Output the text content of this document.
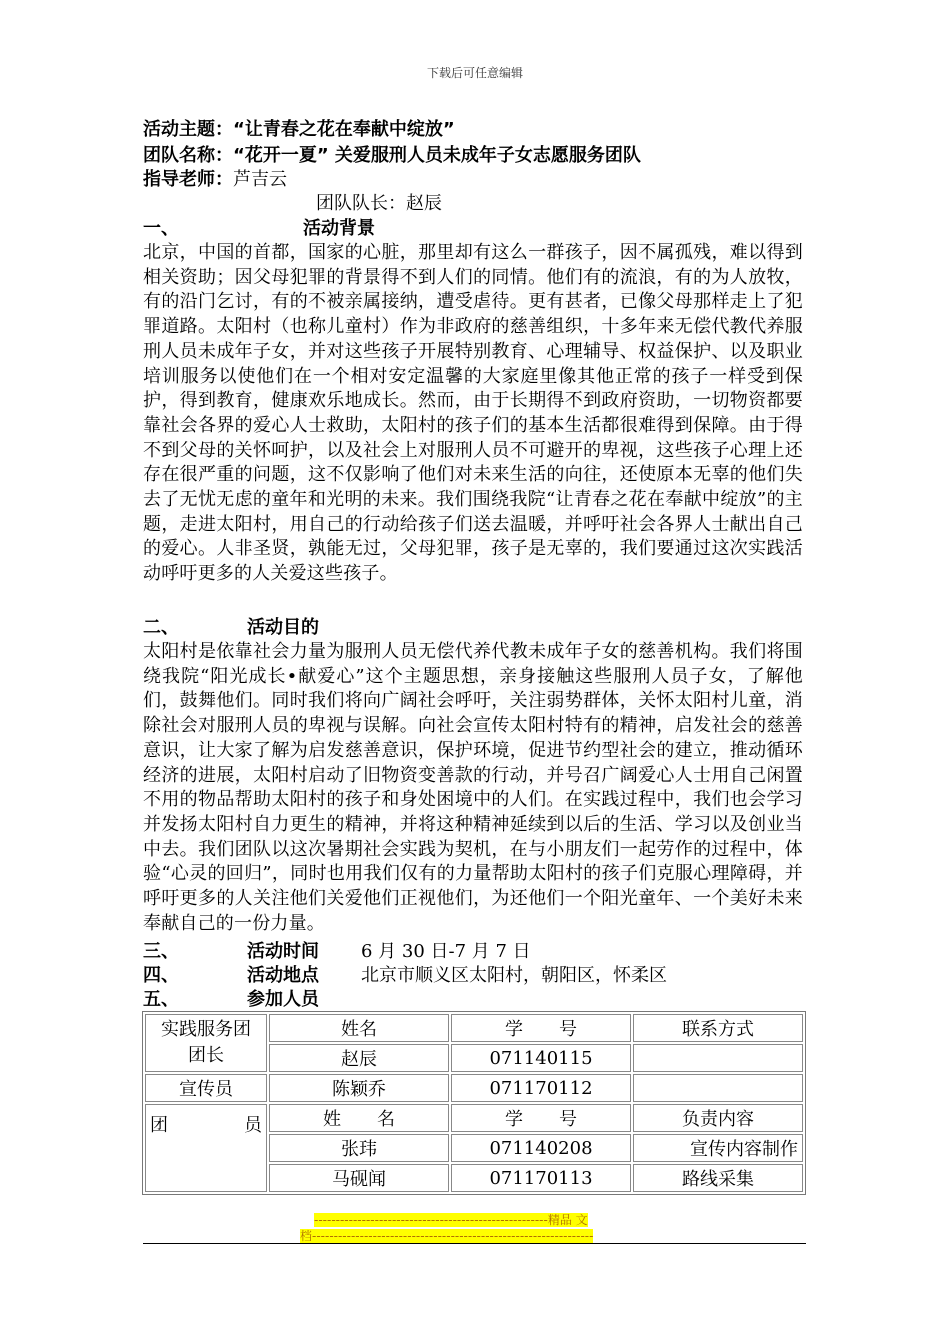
下载后可任意编辑
活动主题：“让青春之花在奉献中绽放”
团队名称：“花开一夏” 关爱服刑人员未成年子女志愿服务团队
指导老师：芦吉云
团队队长：赵辰
一、	活动背景
北京，中国的首都，国家的心脏，那里却有这么一群孩子，因不属孤残，难以得到相关资助；因父母犯罪的背景得不到人们的同情。他们有的流浪，有的为人放牧，有的沿门乞讨，有的不被亲属接纳，遭受虐待。更有甚者，已像父母那样走上了犯罪道路。太阳村（也称儿童村）作为非政府的慈善组织，十多年来无偿代教代养服刑人员未成年子女，并对这些孩子开展特别教育、心理辅导、权益保护、以及职业培训服务以使他们在一个相对安定温馨的大家庭里像其他正常的孩子一样受到保护，得到教育，健康欢乐地成长。然而，由于长期得不到政府资助，一切物资都要靠社会各界的爱心人士救助，太阳村的孩子们的基本生活都很难得到保障。由于得不到父母的关怀呵护，以及社会上对服刑人员不可避开的卑视，这些孩子心理上还存在很严重的问题，这不仅影响了他们对未来生活的向往，还使原本无辜的他们失去了无忧无虑的童年和光明的未来。我们围绕我院“让青春之花在奉献中绽放”的主题，走进太阳村，用自己的行动给孩子们送去温暖，并呼吁社会各界人士献出自己的爱心。人非圣贤，孰能无过，父母犯罪，孩子是无辜的，我们要通过这次实践活动呼吁更多的人关爱这些孩子。
二、	活动目的
太阳村是依靠社会力量为服刑人员无偿代养代教未成年子女的慈善机构。我们将围绕我院“阳光成长•献爱心”这个主题思想，亲身接触这些服刑人员子女，了解他们，鼓舞他们。同时我们将向广阔社会呼吁，关注弱势群体，关怀太阳村儿童，消除社会对服刑人员的卑视与误解。向社会宣传太阳村特有的精神，启发社会的慈善意识，让大家了解为启发慈善意识，保护环境，促进节约型社会的建立，推动循环经济的进展，太阳村启动了旧物资变善款的行动，并号召广阔爱心人士用自己闲置不用的物品帮助太阳村的孩子和身处困境中的人们。在实践过程中，我们也会学习并发扬太阳村自力更生的精神，并将这种精神延续到以后的生活、学习以及创业当中去。我们团队以这次暑期社会实践为契机，在与小朋友们一起劳作的过程中，体验“心灵的回归”，同时也用我们仅有的力量帮助太阳村的孩子们克服心理障碍，并呼吁更多的人关注他们关爱他们正视他们，为还他们一个阳光童年、一个美好未来奉献自己的一份力量。
三、	活动时间 6 月 30 日-7 月 7 日
四、	活动地点 北京市顺义区太阳村，朝阳区，怀柔区
五、	参加人员
实践服务团
团长	姓名	学　　号	联系方式
	赵辰	071140115	
宣传员	陈颖乔	071170112	
团 员	姓　　名	学　　号	负责内容
	张玮	071140208	宣传内容制作
	马砚闻	071170113	路线采集
------------------------------------------------------精品 文
档-----------------------------------------------------------------
